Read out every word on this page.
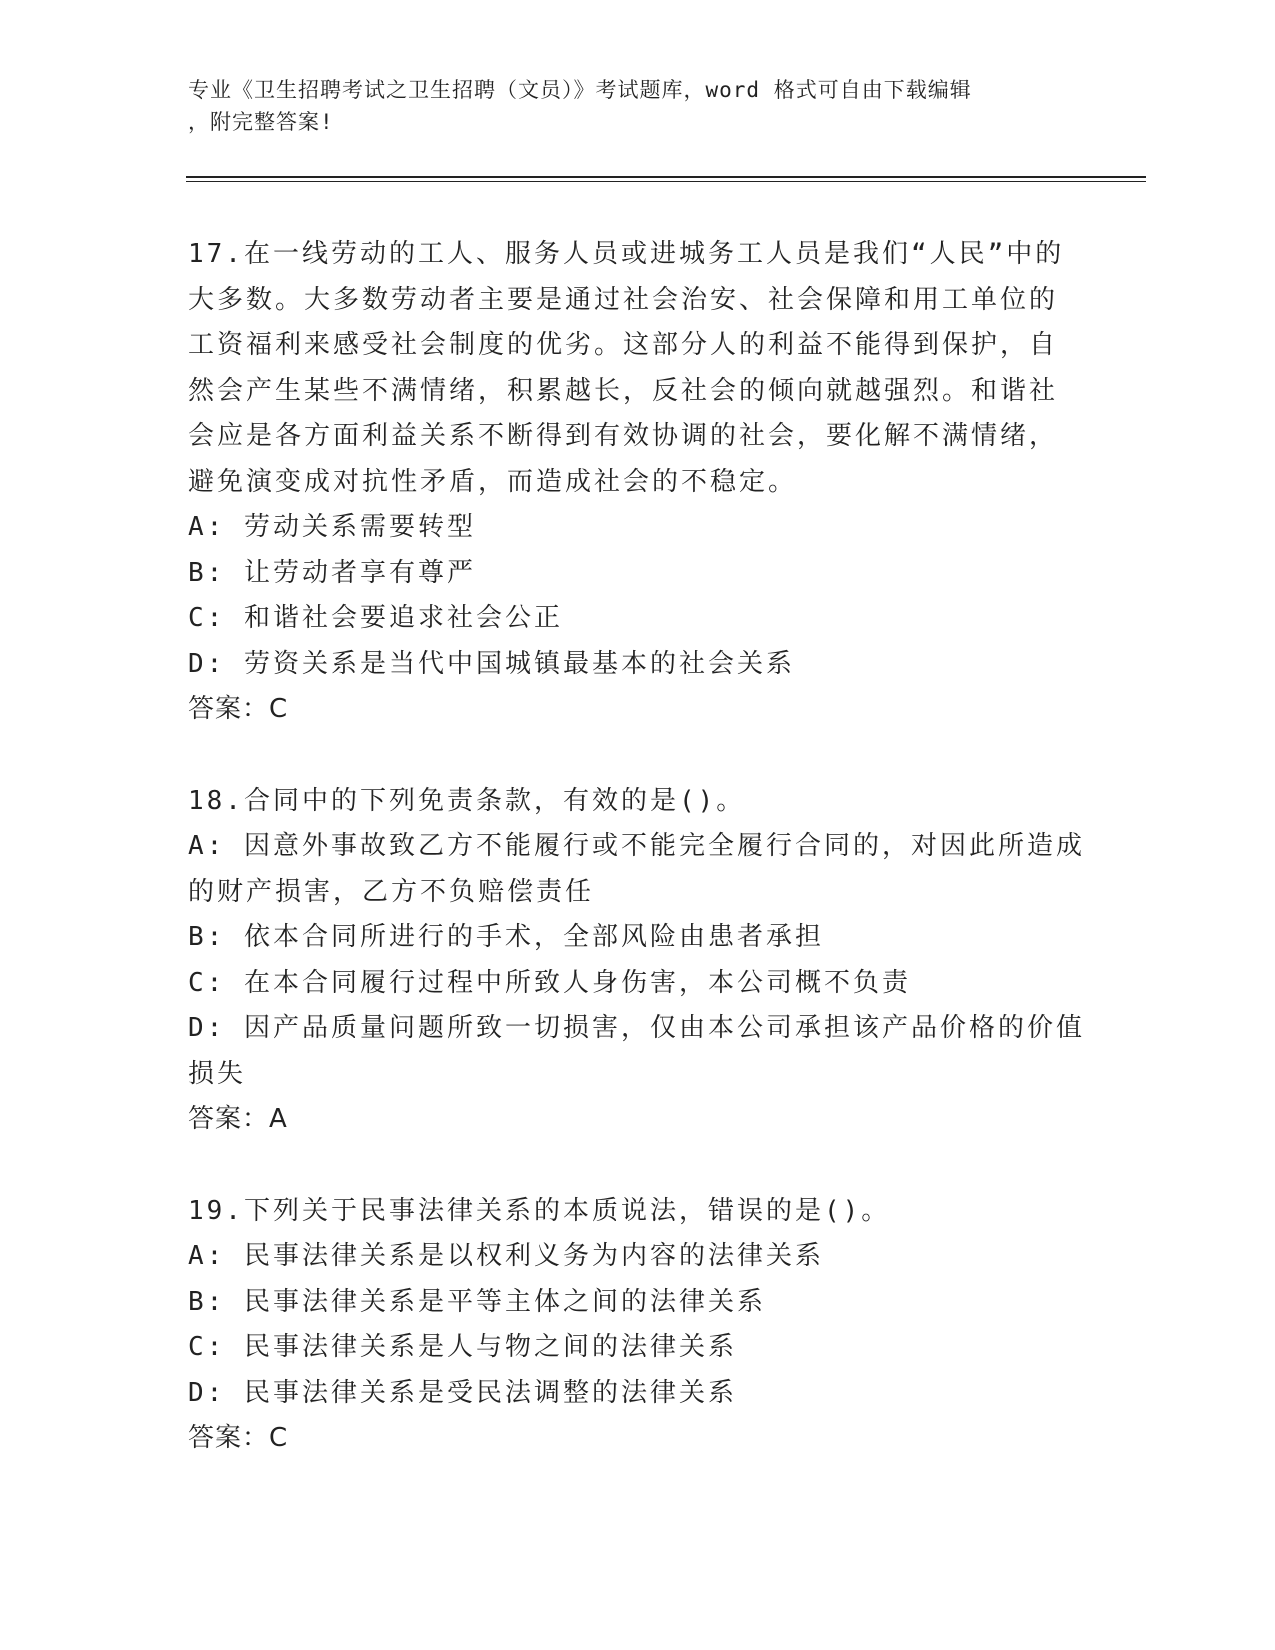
专业《卫生招聘考试之卫生招聘（文员）》考试题库，word 格式可自由下载编辑
，附完整答案!
17.在一线劳动的工人、服务人员或进城务工人员是我们“人民”中的
大多数。大多数劳动者主要是通过社会治安、社会保障和用工单位的
工资福利来感受社会制度的优劣。这部分人的利益不能得到保护，自
然会产生某些不满情绪，积累越长，反社会的倾向就越强烈。和谐社
会应是各方面利益关系不断得到有效协调的社会，要化解不满情绪，
避免演变成对抗性矛盾，而造成社会的不稳定。
A: 劳动关系需要转型
B: 让劳动者享有尊严
C: 和谐社会要追求社会公正
D: 劳资关系是当代中国城镇最基本的社会关系
答案：C
18.合同中的下列免责条款，有效的是()。
A: 因意外事故致乙方不能履行或不能完全履行合同的，对因此所造成
的财产损害，乙方不负赔偿责任
B: 依本合同所进行的手术，全部风险由患者承担
C: 在本合同履行过程中所致人身伤害，本公司概不负责
D: 因产品质量问题所致一切损害，仅由本公司承担该产品价格的价值
损失
答案：A
19.下列关于民事法律关系的本质说法，错误的是()。
A: 民事法律关系是以权利义务为内容的法律关系
B: 民事法律关系是平等主体之间的法律关系
C: 民事法律关系是人与物之间的法律关系
D: 民事法律关系是受民法调整的法律关系
答案：C
